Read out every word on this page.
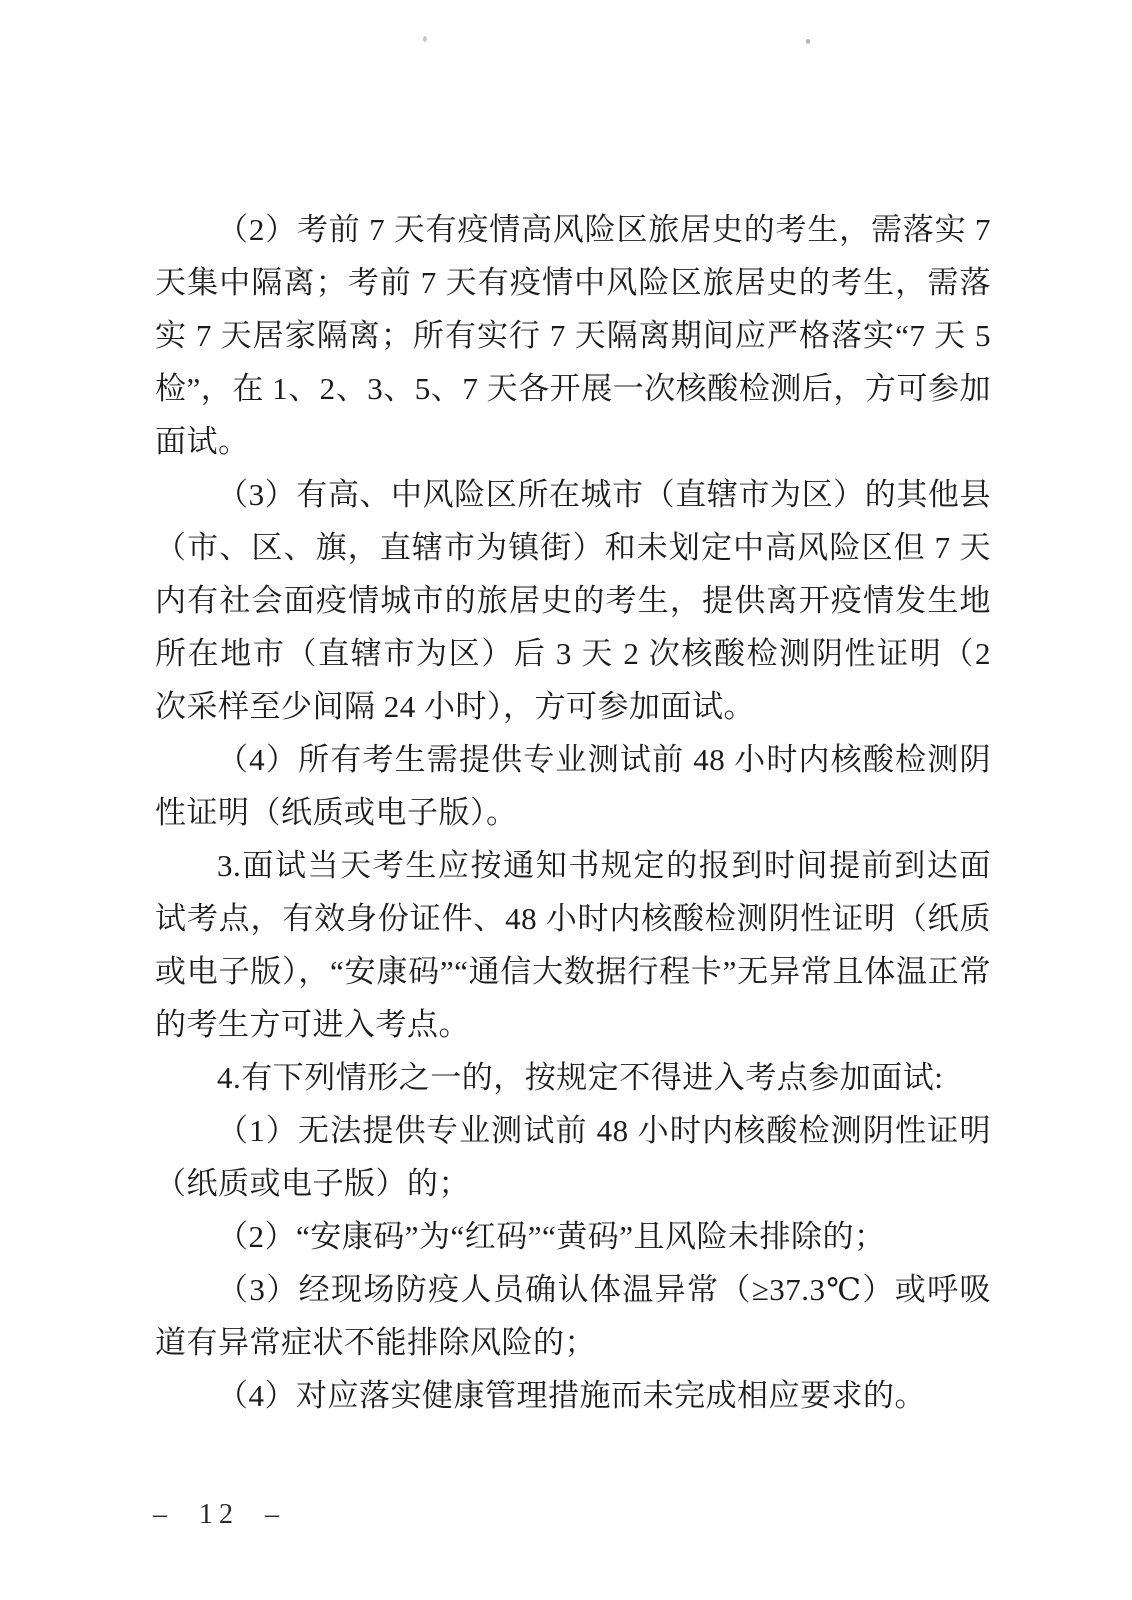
（2）考前 7 天有疫情高风险区旅居史的考生，需落实 7 天集中隔离；考前 7 天有疫情中风险区旅居史的考生，需落实 7 天居家隔离；所有实行 7 天隔离期间应严格落实“7 天 5 检”，在 1、2、3、5、7 天各开展一次核酸检测后，方可参加面试。

（3）有高、中风险区所在城市（直辖市为区）的其他县（市、区、旗，直辖市为镇街）和未划定中高风险区但 7 天内有社会面疫情城市的旅居史的考生，提供离开疫情发生地所在地市（直辖市为区）后 3 天 2 次核酸检测阴性证明（2 次采样至少间隔 24 小时），方可参加面试。

（4）所有考生需提供专业测试前 48 小时内核酸检测阴性证明（纸质或电子版）。

3.面试当天考生应按通知书规定的报到时间提前到达面试考点，有效身份证件、48 小时内核酸检测阴性证明（纸质或电子版），“安康码”“通信大数据行程卡”无异常且体温正常的考生方可进入考点。

4.有下列情形之一的，按规定不得进入考点参加面试:

（1）无法提供专业测试前 48 小时内核酸检测阴性证明（纸质或电子版）的；

（2）“安康码”为“红码”“黄码”且风险未排除的；

（3）经现场防疫人员确认体温异常（≥37.3℃）或呼吸道有异常症状不能排除风险的；

（4）对应落实健康管理措施而未完成相应要求的。

–  12  –
